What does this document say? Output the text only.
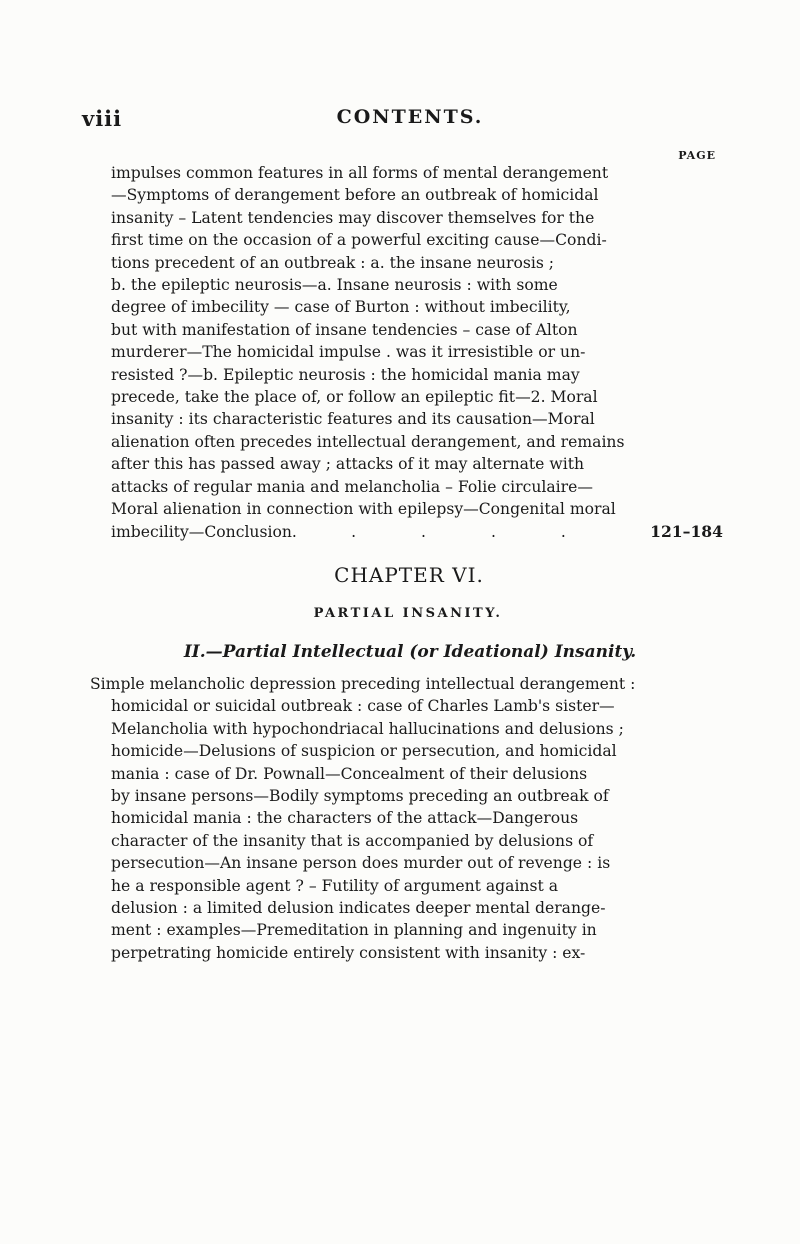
viii	CONTENTS.
PAGE
impulses common features in all forms of mental derangement
—Symptoms of derangement before an outbreak of homicidal
insanity – Latent tendencies may discover themselves for the
first time on the occasion of a powerful exciting cause—Condi-
tions precedent of an outbreak : a. the insane neurosis ;
b. the epileptic neurosis—a. Insane neurosis : with some
degree of imbecility — case of Burton : without imbecility,
but with manifestation of insane tendencies – case of Alton
murderer—The homicidal impulse . was it irresistible or un-
resisted ?—b. Epileptic neurosis : the homicidal mania may
precede, take the place of, or follow an epileptic fit—2. Moral
insanity : its characteristic features and its causation—Moral
alienation often precedes intellectual derangement, and remains
after this has passed away ; attacks of it may alternate with
attacks of regular mania and melancholia – Folie circulaire—
Moral alienation in connection with epilepsy—Congenital moral
imbecility—Conclusion.	. . . .	121–184
CHAPTER VI.
PARTIAL INSANITY.
II.—Partial Intellectual (or Ideational) Insanity.
Simple melancholic depression preceding intellectual derangement :
homicidal or suicidal outbreak : case of Charles Lamb's sister—
Melancholia with hypochondriacal hallucinations and delusions ;
homicide—Delusions of suspicion or persecution, and homicidal
mania : case of Dr. Pownall—Concealment of their delusions
by insane persons—Bodily symptoms preceding an outbreak of
homicidal mania : the characters of the attack—Dangerous
character of the insanity that is accompanied by delusions of
persecution—An insane person does murder out of revenge : is
he a responsible agent ? – Futility of argument against a
delusion : a limited delusion indicates deeper mental derange-
ment : examples—Premeditation in planning and ingenuity in
perpetrating homicide entirely consistent with insanity : ex-
